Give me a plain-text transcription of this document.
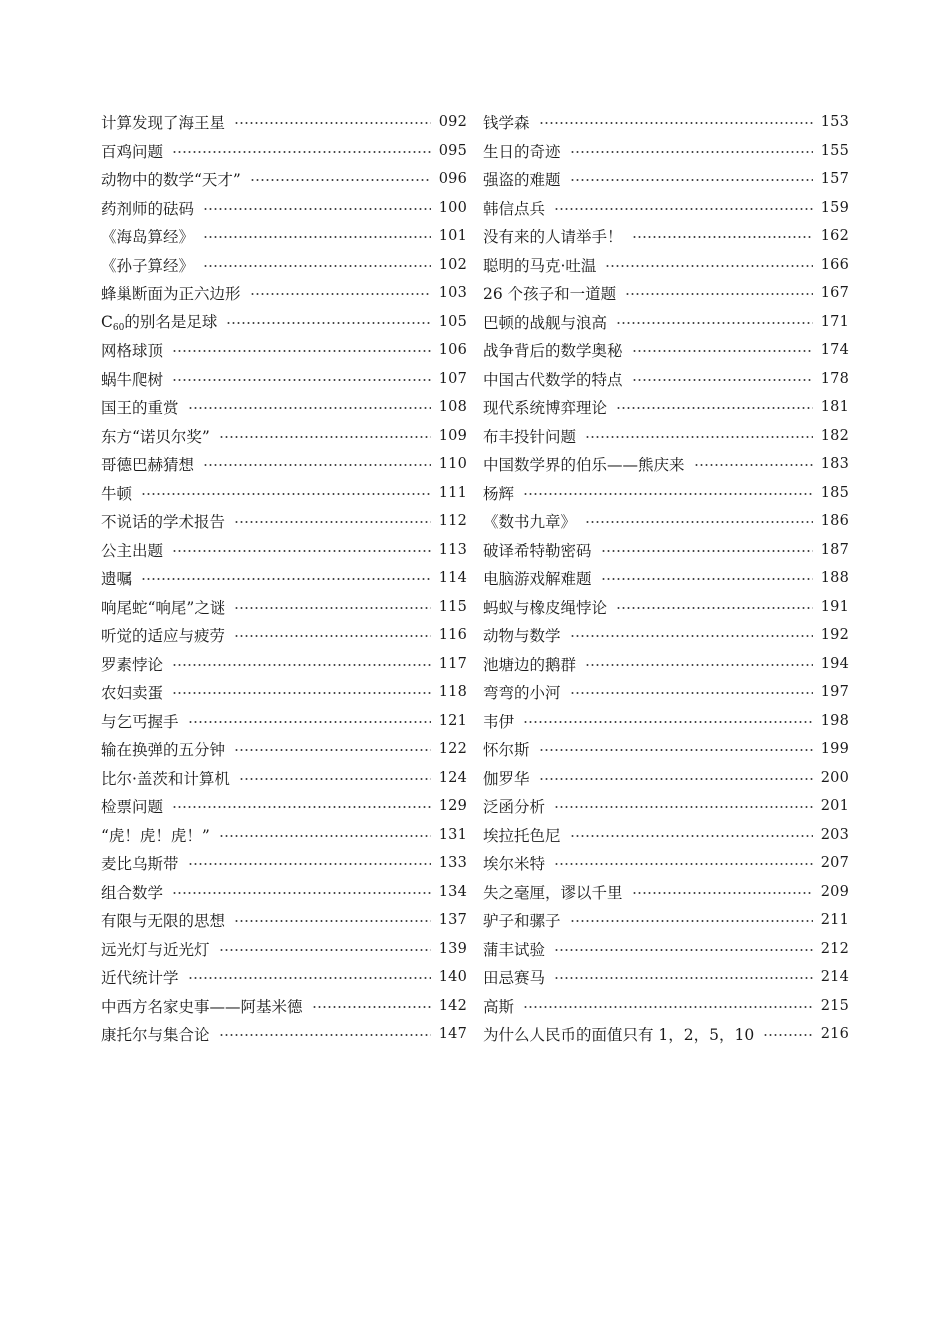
计算发现了海王星	092
百鸡问题	095
动物中的数学“天才”	096
药剂师的砝码	100
《海岛算经》	101
《孙子算经》	102
蜂巢断面为正六边形	103
$C_{60}$的别名是足球	105
网格球顶	106
蜗牛爬树	107
国王的重赏	108
东方“诺贝尔奖”	109
哥德巴赫猜想	110
牛顿	111
不说话的学术报告	112
公主出题	113
遗嘱	114
响尾蛇“响尾”之谜	115
听觉的适应与疲劳	116
罗素悖论	117
农妇卖蛋	118
与乞丐握手	121
输在换弹的五分钟	122
比尔·盖茨和计算机	124
检票问题	129
“虎！虎！虎！”	131
麦比乌斯带	133
组合数学	134
有限与无限的思想	137
远光灯与近光灯	139
近代统计学	140
中西方名家史事——阿基米德	142
康托尔与集合论	147
钱学森	153
生日的奇迹	155
强盗的难题	157
韩信点兵	159
没有来的人请举手！	162
聪明的马克·吐温	166
26 个孩子和一道题	167
巴顿的战舰与浪高	171
战争背后的数学奥秘	174
中国古代数学的特点	178
现代系统博弈理论	181
布丰投针问题	182
中国数学界的伯乐——熊庆来	183
杨辉	185
《数书九章》	186
破译希特勒密码	187
电脑游戏解难题	188
蚂蚁与橡皮绳悖论	191
动物与数学	192
池塘边的鹅群	194
弯弯的小河	197
韦伊	198
怀尔斯	199
伽罗华	200
泛函分析	201
埃拉托色尼	203
埃尔米特	207
失之毫厘，谬以千里	209
驴子和骡子	211
蒲丰试验	212
田忌赛马	214
高斯	215
为什么人民币的面值只有 1，2，5，10	216
